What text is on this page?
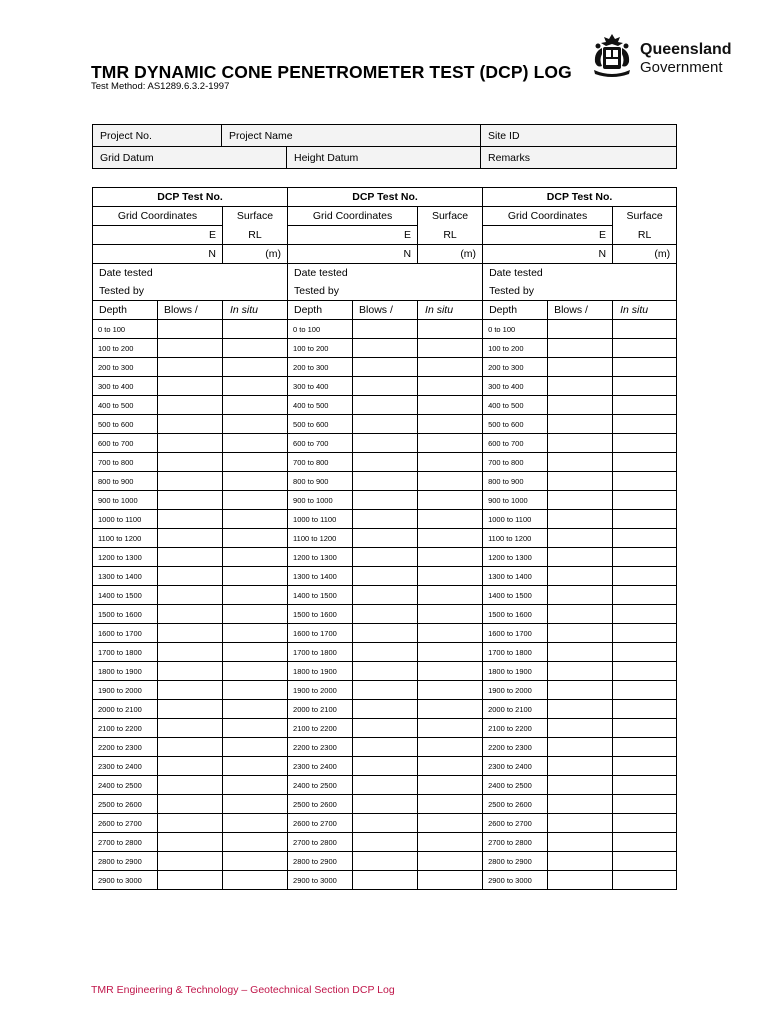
TMR DYNAMIC CONE PENETROMETER TEST (DCP) LOG
Test Method: AS1289.6.3.2-1997
Queensland
Government
Project No.	Project Name		Site ID
Grid Datum		Height Datum	Remarks
DCP Test No.			DCP Test No.			DCP Test No.		
Grid Coordinates		Surface	Grid Coordinates		Surface	Grid Coordinates		Surface
E		RL	E		RL	E		RL
N		(m)	N		(m)	N		(m)
Date tested			Date tested			Date tested		
Tested by			Tested by			Tested by		
Depth	Blows /	In situ	Depth	Blows /	In situ	Depth	Blows /	In situ
0 to 100			0 to 100			0 to 100		
100 to 200			100 to 200			100 to 200		
200 to 300			200 to 300			200 to 300		
300 to 400			300 to 400			300 to 400		
400 to 500			400 to 500			400 to 500		
500 to 600			500 to 600			500 to 600		
600 to 700			600 to 700			600 to 700		
700 to 800			700 to 800			700 to 800		
800 to 900			800 to 900			800 to 900		
900 to 1000			900 to 1000			900 to 1000		
1000 to 1100			1000 to 1100			1000 to 1100		
1100 to 1200			1100 to 1200			1100 to 1200		
1200 to 1300			1200 to 1300			1200 to 1300		
1300 to 1400			1300 to 1400			1300 to 1400		
1400 to 1500			1400 to 1500			1400 to 1500		
1500 to 1600			1500 to 1600			1500 to 1600		
1600 to 1700			1600 to 1700			1600 to 1700		
1700 to 1800			1700 to 1800			1700 to 1800		
1800 to 1900			1800 to 1900			1800 to 1900		
1900 to 2000			1900 to 2000			1900 to 2000		
2000 to 2100			2000 to 2100			2000 to 2100		
2100 to 2200			2100 to 2200			2100 to 2200		
2200 to 2300			2200 to 2300			2200 to 2300		
2300 to 2400			2300 to 2400			2300 to 2400		
2400 to 2500			2400 to 2500			2400 to 2500		
2500 to 2600			2500 to 2600			2500 to 2600		
2600 to 2700			2600 to 2700			2600 to 2700		
2700 to 2800			2700 to 2800			2700 to 2800		
2800 to 2900			2800 to 2900			2800 to 2900		
2900 to 3000			2900 to 3000			2900 to 3000		
TMR Engineering & Technology – Geotechnical Section DCP Log
